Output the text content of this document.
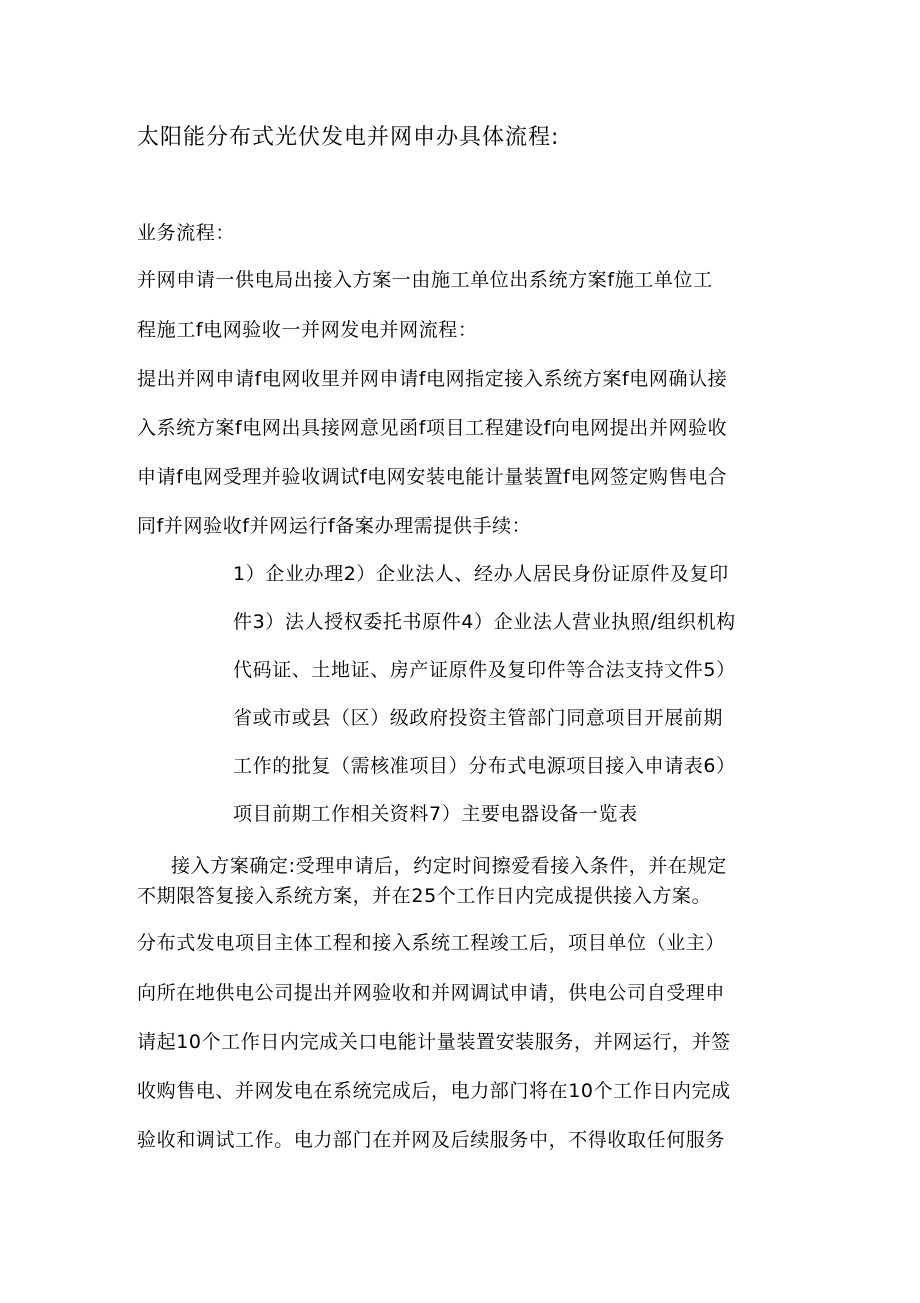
太阳能分布式光伏发电并网申办具体流程:
业务流程：
并网申请一供电局出接入方案一由施工单位出系统方案f施工单位工
程施工f电网验收一并网发电并网流程：
提出并网申请f电网收里并网申请f电网指定接入系统方案f电网确认接
入系统方案f电网出具接网意见函f项目工程建设f向电网提出并网验收
申请f电网受理并验收调试f电网安装电能计量装置f电网签定购售电合
同f并网验收f并网运行f备案办理需提供手续：
1）企业办理2）企业法人、经办人居民身份证原件及复印
件3）法人授权委托书原件4）企业法人营业执照/组织机构
代码证、土地证、房产证原件及复印件等合法支持文件5）
省或市或县（区）级政府投资主管部门同意项目开展前期
工作的批复（需核准项目）分布式电源项目接入申请表6）
项目前期工作相关资料7）主要电器设备一览表
接入方案确定:受理申请后，约定时间擦爱看接入条件，并在规定
不期限答复接入系统方案，并在25个工作日内完成提供接入方案。
分布式发电项目主体工程和接入系统工程竣工后，项目单位（业主）
向所在地供电公司提出并网验收和并网调试申请，供电公司自受理申
请起10个工作日内完成关口电能计量装置安装服务，并网运行，并签
收购售电、并网发电在系统完成后，电力部门将在10个工作日内完成
验收和调试工作。电力部门在并网及后续服务中，不得收取任何服务
